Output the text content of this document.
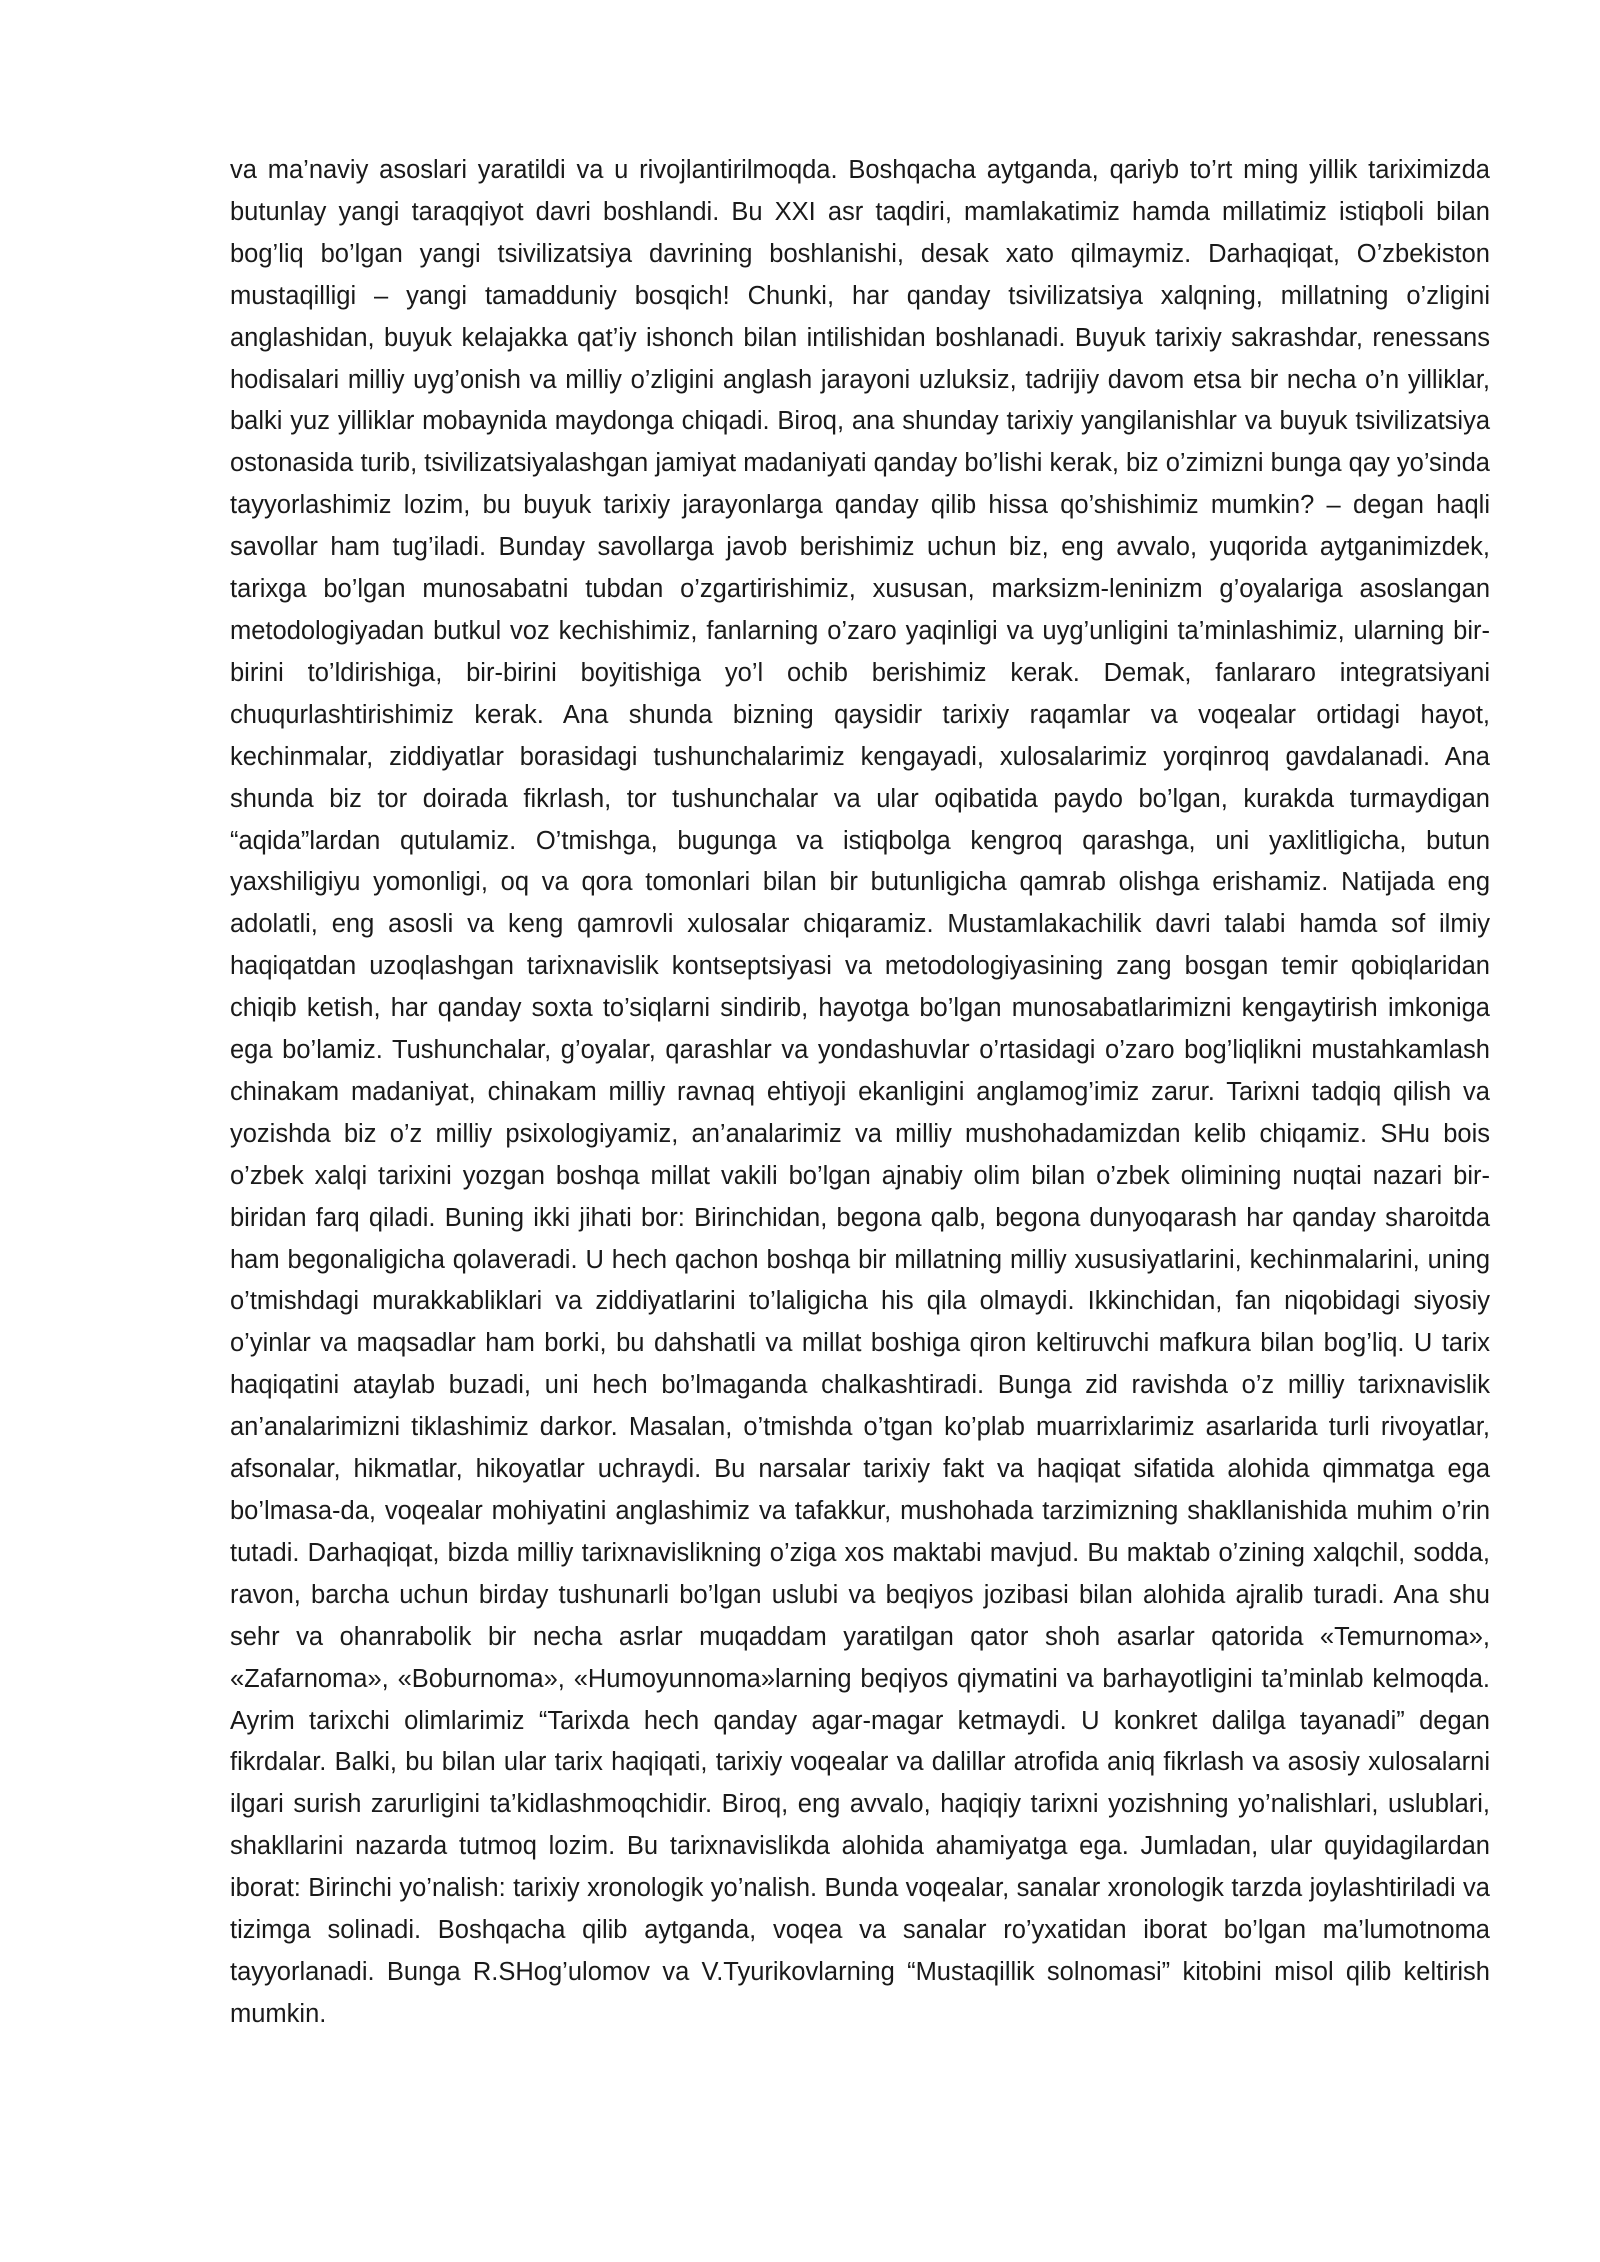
va ma’naviy asoslari yaratildi va u rivojlantirilmoqda. Boshqacha aytganda, qariyb to’rt ming yillik tariximizda butunlay yangi taraqqiyot davri boshlandi. Bu XXI asr taqdiri, mamlakatimiz hamda millatimiz istiqboli bilan bog’liq bo’lgan yangi tsivilizatsiya davrining boshlanishi, desak xato qilmaymiz. Darhaqiqat, O’zbekiston mustaqilligi – yangi tamadduniy bosqich! Chunki, har qanday tsivilizatsiya xalqning, millatning o’zligini anglashidan, buyuk kelajakka qat’iy ishonch bilan intilishidan boshlanadi. Buyuk tarixiy sakrashdar, renessans hodisalari milliy uyg’onish va milliy o’zligini anglash jarayoni uzluksiz, tadrijiy davom etsa bir necha o’n yilliklar, balki yuz yilliklar mobaynida maydonga chiqadi. Biroq, ana shunday tarixiy yangilanishlar va buyuk tsivilizatsiya ostonasida turib, tsivilizatsiyalashgan jamiyat madaniyati qanday bo’lishi kerak, biz o’zimizni bunga qay yo’sinda tayyorlashimiz lozim, bu buyuk tarixiy jarayonlarga qanday qilib hissa qo’shishimiz mumkin? – degan haqli savollar ham tug’iladi. Bunday savollarga javob berishimiz uchun biz, eng avvalo, yuqorida aytganimizdek, tarixga bo’lgan munosabatni tubdan o’zgartirishimiz, xususan, marksizm-leninizm g’oyalariga asoslangan metodologiyadan butkul voz kechishimiz, fanlarning o’zaro yaqinligi va uyg’unligini ta’minlashimiz, ularning bir-birini to’ldirishiga, bir-birini boyitishiga yo’l ochib berishimiz kerak. Demak, fanlararo integratsiyani chuqurlashtirishimiz kerak. Ana shunda bizning qaysidir tarixiy raqamlar va voqealar ortidagi hayot, kechinmalar, ziddiyatlar borasidagi tushunchalarimiz kengayadi, xulosalarimiz yorqinroq gavdalanadi. Ana shunda biz tor doirada fikrlash, tor tushunchalar va ular oqibatida paydo bo’lgan, kurakda turmaydigan “aqida”lardan qutulamiz. O’tmishga, bugunga va istiqbolga kengroq qarashga, uni yaxlitligicha, butun yaxshiligiyu yomonligi, oq va qora tomonlari bilan bir butunligicha qamrab olishga erishamiz. Natijada eng adolatli, eng asosli va keng qamrovli xulosalar chiqaramiz. Mustamlakachilik davri talabi hamda sof ilmiy haqiqatdan uzoqlashgan tarixnavislik kontseptsiyasi va metodologiyasining zang bosgan temir qobiqlaridan chiqib ketish, har qanday soxta to’siqlarni sindirib, hayotga bo’lgan munosabatlarimizni kengaytirish imkoniga ega bo’lamiz. Tushunchalar, g’oyalar, qarashlar va yondashuvlar o’rtasidagi o’zaro bog’liqlikni mustahkamlash chinakam madaniyat, chinakam milliy ravnaq ehtiyoji ekanligini anglamog’imiz zarur. Tarixni tadqiq qilish va yozishda biz o’z milliy psixologiyamiz, an’analarimiz va milliy mushohadamizdan kelib chiqamiz. SHu bois o’zbek xalqi tarixini yozgan boshqa millat vakili bo’lgan ajnabiy olim bilan o’zbek olimining nuqtai nazari bir-biridan farq qiladi. Buning ikki jihati bor: Birinchidan, begona qalb, begona dunyoqarash har qanday sharoitda ham begonaligicha qolaveradi. U hech qachon boshqa bir millatning milliy xususiyatlarini, kechinmalarini, uning o’tmishdagi murakkabliklari va ziddiyatlarini to’laligicha his qila olmaydi. Ikkinchidan, fan niqobidagi siyosiy o’yinlar va maqsadlar ham borki, bu dahshatli va millat boshiga qiron keltiruvchi mafkura bilan bog’liq. U tarix haqiqatini ataylab buzadi, uni hech bo’lmaganda chalkashtiradi. Bunga zid ravishda o’z milliy tarixnavislik an’analarimizni tiklashimiz darkor. Masalan, o’tmishda o’tgan ko’plab muarrixlarimiz asarlarida turli rivoyatlar, afsonalar, hikmatlar, hikoyatlar uchraydi. Bu narsalar tarixiy fakt va haqiqat sifatida alohida qimmatga ega bo’lmasa-da, voqealar mohiyatini anglashimiz va tafakkur, mushohada tarzimizning shakllanishida muhim o’rin tutadi. Darhaqiqat, bizda milliy tarixnavislikning o’ziga xos maktabi mavjud. Bu maktab o’zining xalqchil, sodda, ravon, barcha uchun birday tushunarli bo’lgan uslubi va beqiyos jozibasi bilan alohida ajralib turadi. Ana shu sehr va ohanrabolik bir necha asrlar muqaddam yaratilgan qator shoh asarlar qatorida «Temurnoma», «Zafarnoma», «Boburnoma», «Humoyunnoma»larning beqiyos qiymatini va barhayotligini ta’minlab kelmoqda. Ayrim tarixchi olimlarimiz “Tarixda hech qanday agar-magar ketmaydi. U konkret dalilga tayanadi” degan fikrdalar. Balki, bu bilan ular tarix haqiqati, tarixiy voqealar va dalillar atrofida aniq fikrlash va asosiy xulosalarni ilgari surish zarurligini ta’kidlashmoqchidir. Biroq, eng avvalo, haqiqiy tarixni yozishning yo’nalishlari, uslublari, shakllarini nazarda tutmoq lozim. Bu tarixnavislikda alohida ahamiyatga ega. Jumladan, ular quyidagilardan iborat: Birinchi yo’nalish: tarixiy xronologik yo’nalish. Bunda voqealar, sanalar xronologik tarzda joylashtiriladi va tizimga solinadi. Boshqacha qilib aytganda, voqea va sanalar ro’yxatidan iborat bo’lgan ma’lumotnoma tayyorlanadi. Bunga R.SHog’ulomov va V.Tyurikovlarning “Mustaqillik solnomasi” kitobini misol qilib keltirish mumkin.
